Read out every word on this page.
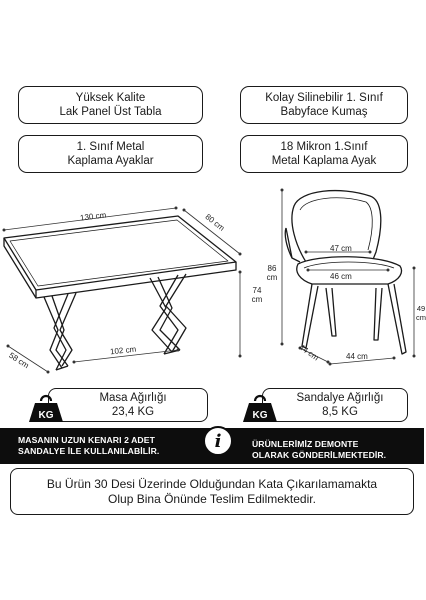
Yüksek Kalite
Lak Panel Üst Tabla
1. Sınıf Metal
Kaplama Ayaklar
Kolay Silinebilir 1. Sınıf
Babyface Kumaş
18 Mikron 1.Sınıf
Metal Kaplama Ayak
130 cm	80 cm
74
cm
102 cm
58 cm
86
cm
49
cm
47 cm
46 cm
44 cm
44 cm
Masa Ağırlığı
23,4 KG
KG
Sandalye Ağırlığı
8,5 KG
KG
MASANIN UZUN KENARI 2 ADET
SANDALYE İLE KULLANILABİLİR.	i	ÜRÜNLERİMİZ DEMONTE
OLARAK GÖNDERİLMEKTEDİR.
Bu Ürün 30 Desi Üzerinde Olduğundan Kata Çıkarılamamakta
Olup Bina Önünde Teslim Edilmektedir.
